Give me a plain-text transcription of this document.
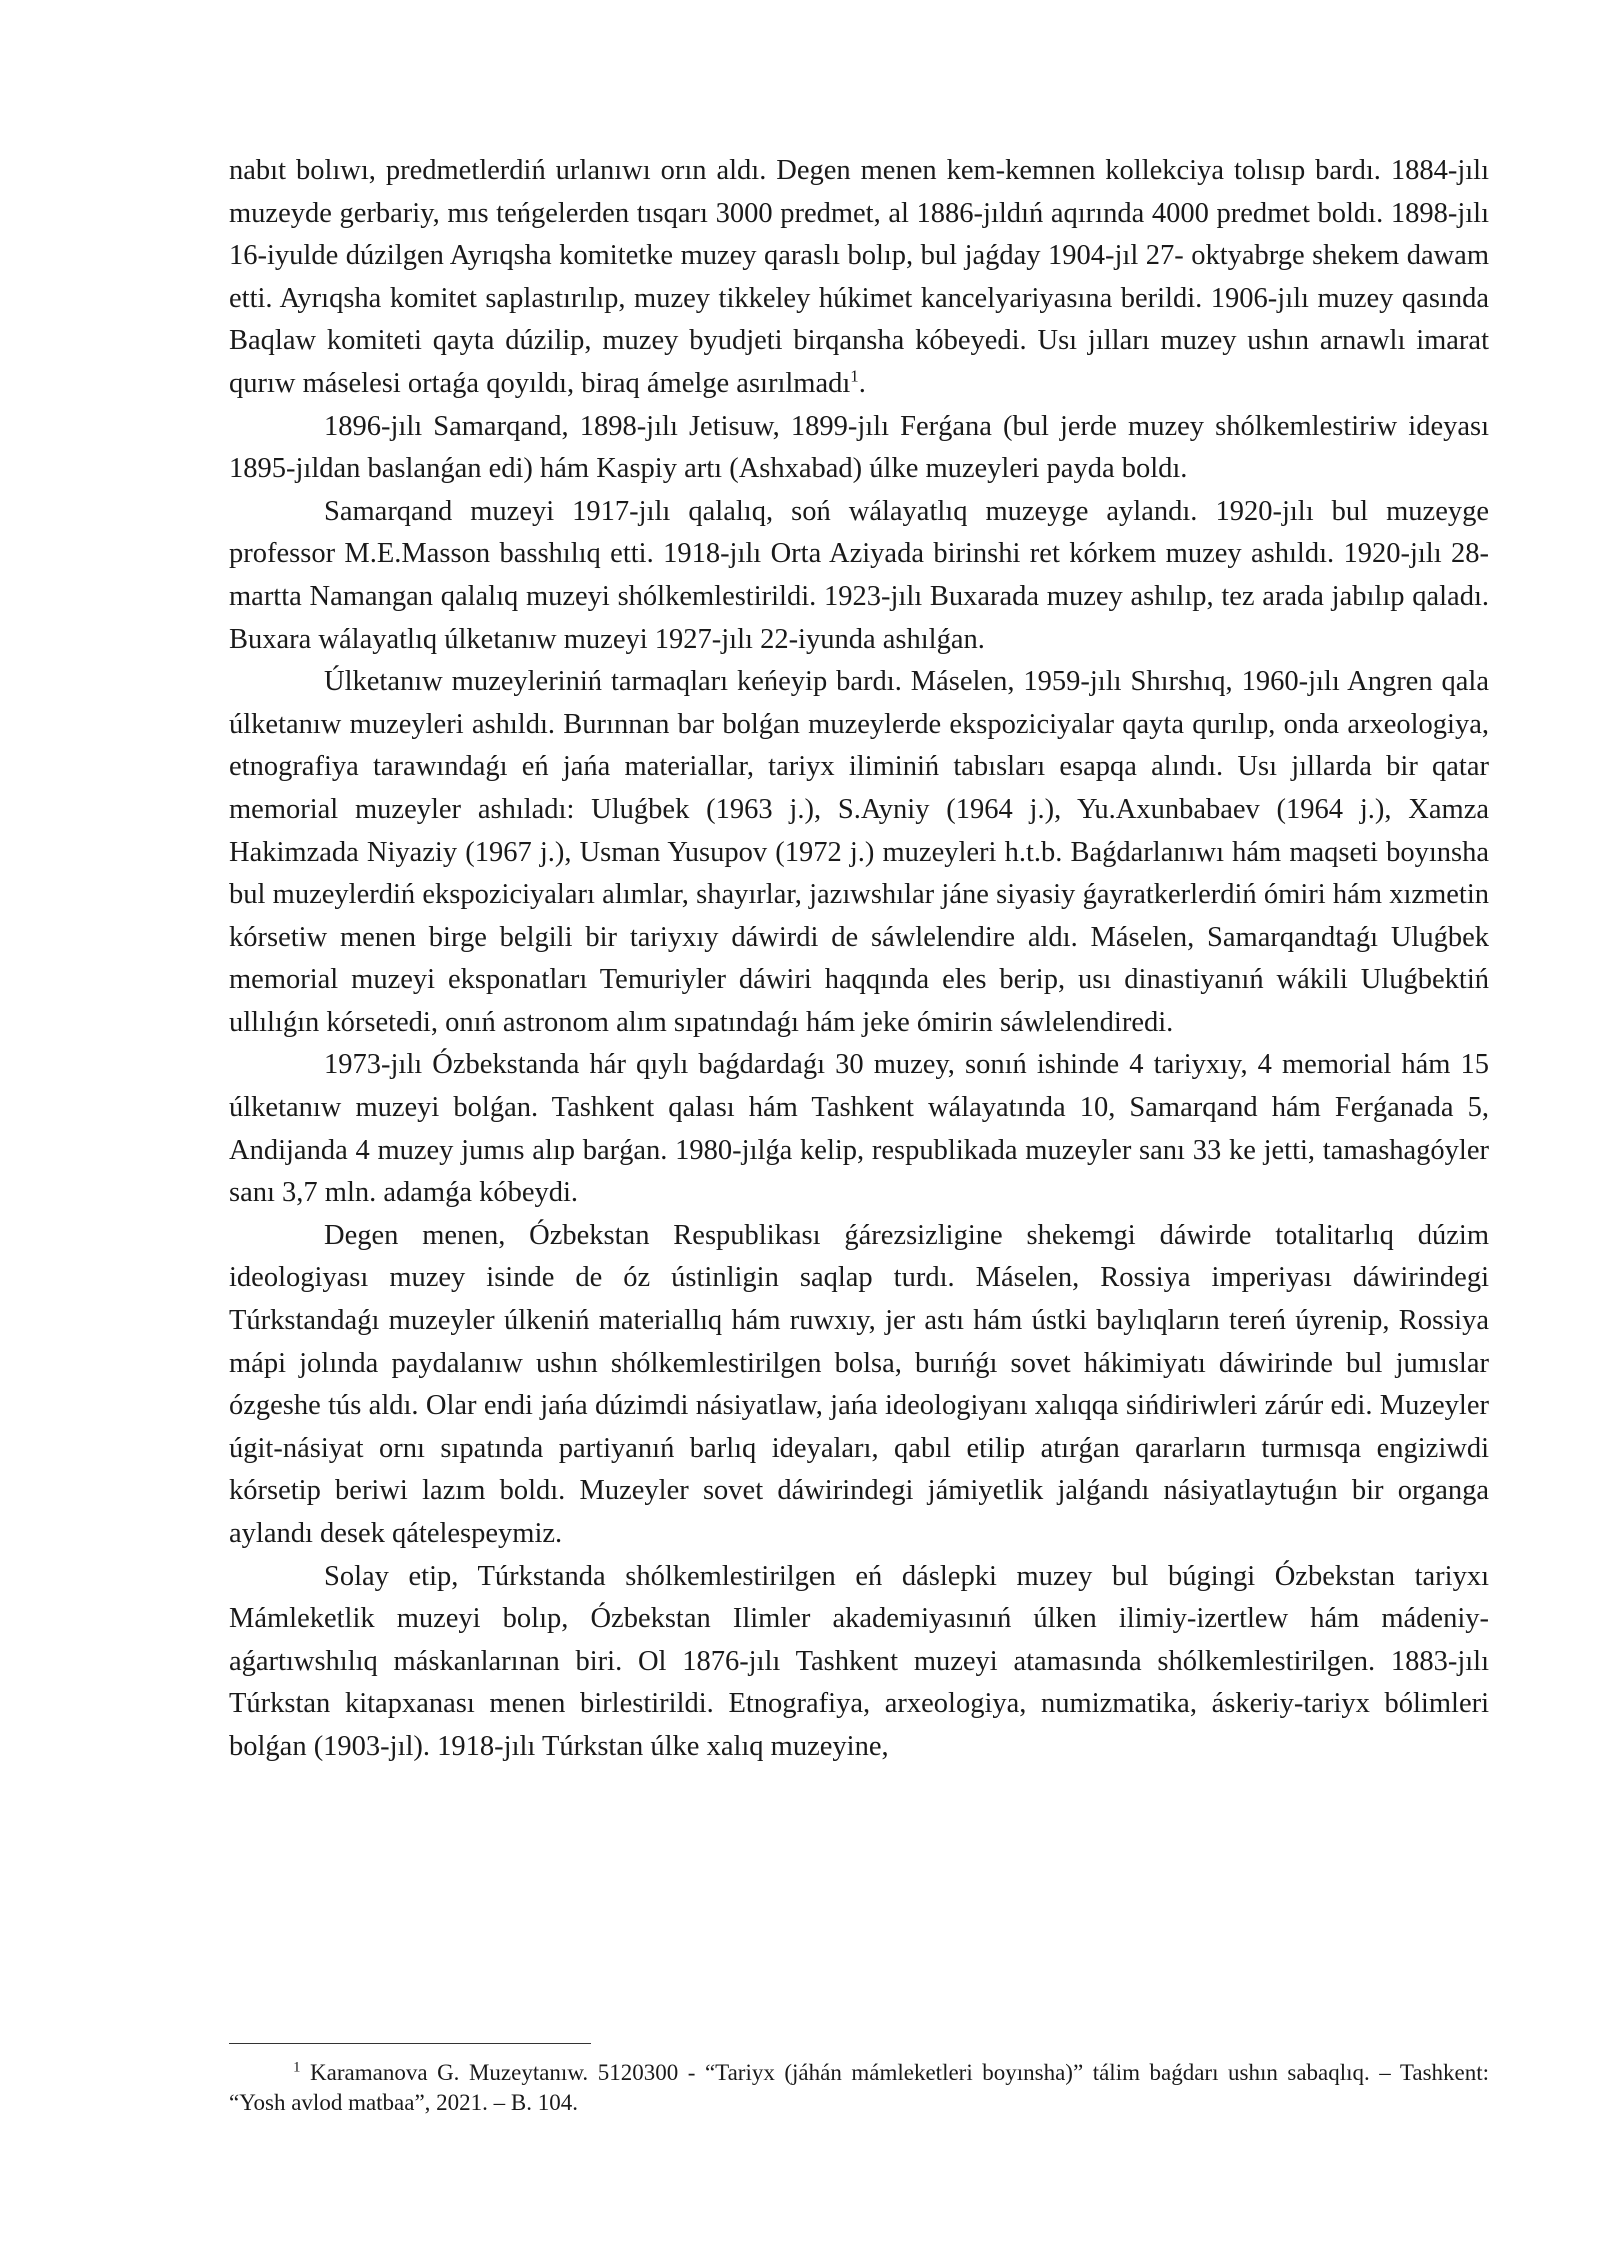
nabıt bolıwı, predmetlerdiń urlanıwı orın aldı. Degen menen kem-kemnen kollekciya tolısıp bardı. 1884-jılı muzeyde gerbariy, mıs teńgelerden tısqarı 3000 predmet, al 1886-jıldıń aqırında 4000 predmet boldı. 1898-jılı 16-iyulde dúzilgen Ayrıqsha komitetke muzey qaraslı bolıp, bul jaǵday 1904-jıl 27- oktyabrge shekem dawam etti. Ayrıqsha komitet saplastırılıp, muzey tikkeley húkimet kancelyariyasına berildi. 1906-jılı muzey qasında Baqlaw komiteti qayta dúzilip, muzey byudjeti birqansha kóbeyedi. Usı jılları muzey ushın arnawlı imarat qurıw máselesi ortaǵa qoyıldı, biraq ámelge asırılmadı$^1$.

1896-jılı Samarqand, 1898-jılı Jetisuw, 1899-jılı Ferǵana (bul jerde muzey shólkemlestiriw ideyası 1895-jıldan baslanǵan edi) hám Kaspiy artı (Ashxabad) úlke muzeyleri payda boldı.

Samarqand muzeyi 1917-jılı qalalıq, soń wálayatlıq muzeyge aylandı. 1920-jılı bul muzeyge professor M.E.Masson basshılıq etti. 1918-jılı Orta Aziyada birinshi ret kórkem muzey ashıldı. 1920-jılı 28-martta Namangan qalalıq muzeyi shólkemlestirildi. 1923-jılı Buxarada muzey ashılıp, tez arada jabılıp qaladı. Buxara wálayatlıq úlketanıw muzeyi 1927-jılı 22-iyunda ashılǵan.

Úlketanıw muzeyleriniń tarmaqları keńeyip bardı. Máselen, 1959-jılı Shırshıq, 1960-jılı Angren qala úlketanıw muzeyleri ashıldı. Burınnan bar bolǵan muzeylerde ekspoziciyalar qayta qurılıp, onda arxeologiya, etnografiya tarawındaǵı eń jańa materiallar, tariyx iliminiń tabısları esapqa alındı. Usı jıllarda bir qatar memorial muzeyler ashıladı: Uluǵbek (1963 j.), S.Ayniy (1964 j.), Yu.Axunbabaev (1964 j.), Xamza Hakimzada Niyaziy (1967 j.), Usman Yusupov (1972 j.) muzeyleri h.t.b. Baǵdarlanıwı hám maqseti boyınsha bul muzeylerdiń ekspoziciyaları alımlar, shayırlar, jazıwshılar jáne siyasiy ǵayratkerlerdiń ómiri hám xızmetin kórsetiw menen birge belgili bir tariyxıy dáwirdi de sáwlelendire aldı. Máselen, Samarqandtaǵı Uluǵbek memorial muzeyi eksponatları Temuriyler dáwiri haqqında eles berip, usı dinastiyanıń wákili Uluǵbektiń ullılıǵın kórsetedi, onıń astronom alım sıpatındaǵı hám jeke ómirin sáwlelendiredi.

1973-jılı Ózbekstanda hár qıylı baǵdardaǵı 30 muzey, sonıń ishinde 4 tariyxıy, 4 memorial hám 15 úlketanıw muzeyi bolǵan. Tashkent qalası hám Tashkent wálayatında 10, Samarqand hám Ferǵanada 5, Andijanda 4 muzey jumıs alıp barǵan. 1980-jılǵa kelip, respublikada muzeyler sanı 33 ke jetti, tamashagóyler sanı 3,7 mln. adamǵa kóbeydi.

Degen menen, Ózbekstan Respublikası ǵárezsizligine shekemgi dáwirde totalitarlıq dúzim ideologiyası muzey isinde de óz ústinligin saqlap turdı. Máselen, Rossiya imperiyası dáwirindegi Túrkstandaǵı muzeyler úlkeniń materiallıq hám ruwxıy, jer astı hám ústki baylıqların tereń úyrenip, Rossiya mápi jolında paydalanıw ushın shólkemlestirilgen bolsa, burıńǵı sovet hákimiyatı dáwirinde bul jumıslar ózgeshe tús aldı. Olar endi jańa dúzimdi násiyatlaw, jańa ideologiyanı xalıqqa sińdiriwleri zárúr edi. Muzeyler úgit-násiyat ornı sıpatında partiyanıń barlıq ideyaları, qabıl etilip atırǵan qararların turmısqa engiziwdi kórsetip beriwi lazım boldı. Muzeyler sovet dáwirindegi jámiyetlik jalǵandı násiyatlaytuǵın bir organga aylandı desek qátelespeymiz.

Solay etip, Túrkstanda shólkemlestirilgen eń dáslepki muzey bul búgingi Ózbekstan tariyxı Mámleketlik muzeyi bolıp, Ózbekstan Ilimler akademiyasınıń úlken ilimiy-izertlew hám mádeniy-aǵartıwshılıq máskanlarınan biri. Ol 1876-jılı Tashkent muzeyi atamasında shólkemlestirilgen. 1883-jılı Túrkstan kitapxanası menen birlestirildi. Etnografiya, arxeologiya, numizmatika, áskeriy-tariyx bólimleri bolǵan (1903-jıl). 1918-jılı Túrkstan úlke xalıq muzeyine,

$^1$ Karamanova G. Muzeytanıw. 5120300 - “Tariyx (jáhán mámleketleri boyınsha)” tálim baǵdarı ushın sabaqlıq. – Tashkent: “Yosh avlod matbaa”, 2021. – B. 104.
